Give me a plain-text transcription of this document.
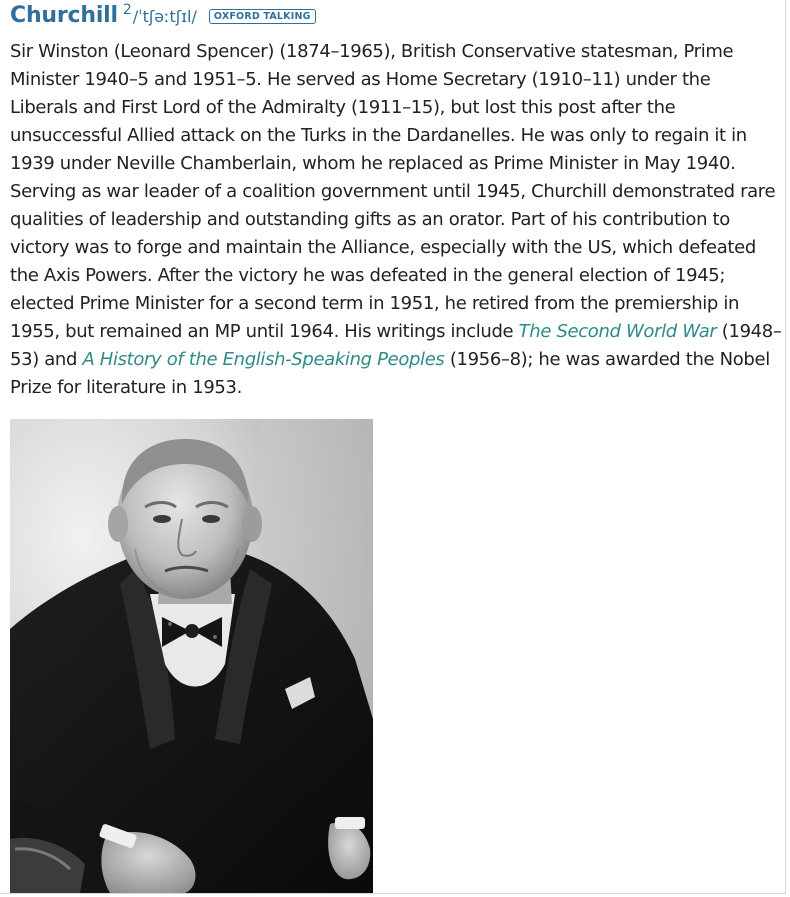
Churchill $^2$ /ˈtʃəːtʃɪl/	OXFORD TALKING

Sir Winston (Leonard Spencer) (1874–1965), British Conservative statesman, Prime Minister 1940–5 and 1951–5. He served as Home Secretary (1910–11) under the Liberals and First Lord of the Admiralty (1911–15), but lost this post after the unsuccessful Allied attack on the Turks in the Dardanelles. He was only to regain it in 1939 under Neville Chamberlain, whom he replaced as Prime Minister in May 1940. Serving as war leader of a coalition government until 1945, Churchill demonstrated rare qualities of leadership and outstanding gifts as an orator. Part of his contribution to victory was to forge and maintain the Alliance, especially with the US, which defeated the Axis Powers. After the victory he was defeated in the general election of 1945; elected Prime Minister for a second term in 1951, he retired from the premiership in 1955, but remained an MP until 1964. His writings include The Second World War (1948–53) and A History of the English-Speaking Peoples (1956–8); he was awarded the Nobel Prize for literature in 1953.
